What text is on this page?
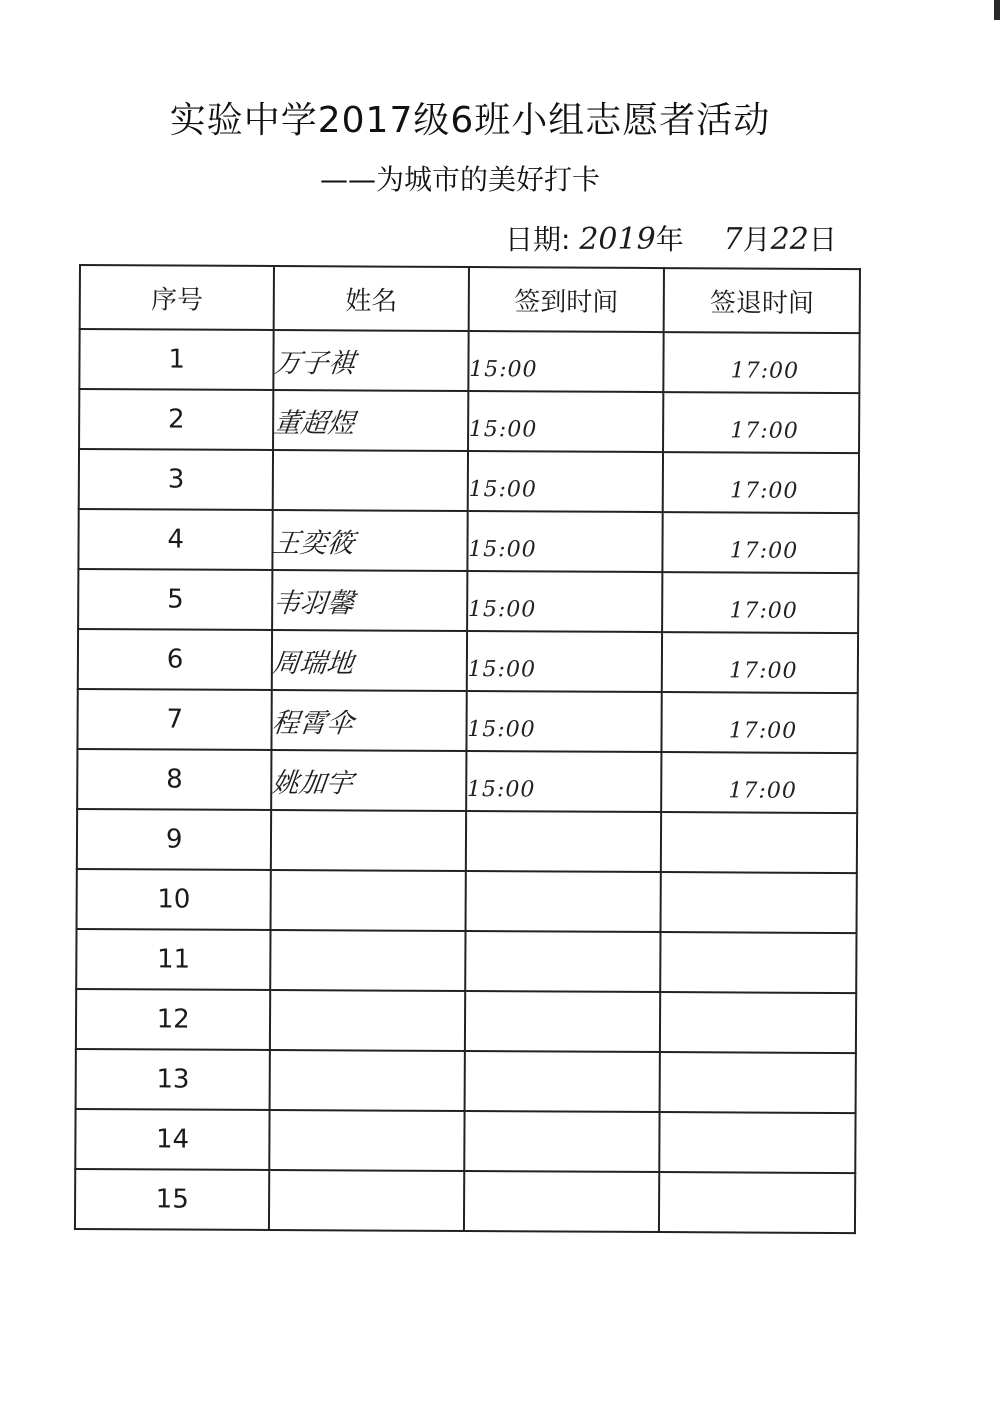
实验中学2017级6班小组志愿者活动
——为城市的美好打卡
日期: 2019年 7月22日
序号	姓名	签到时间	签退时间
1	万子褀	15:00	17:00
2	董超煜	15:00	17:00
3		15:00	17:00
4	王奕筱	15:00	17:00
5	韦羽馨	15:00	17:00
6	周瑞地	15:00	17:00
7	程霄伞	15:00	17:00
8	姚加宇	15:00	17:00
9			
10			
11			
12			
13			
14			
15			
